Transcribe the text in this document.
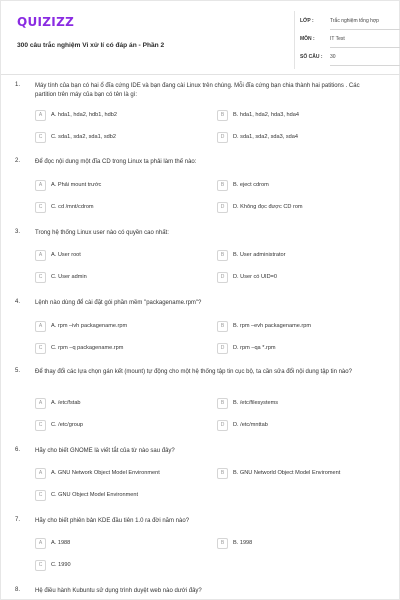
QUIZIZZ
300 câu trắc nghiệm Vi xử lí có đáp án - Phần 2
LỚP :	Trắc nghiệm tổng hợp
MÔN :	IT Test
SỐ CÂU :	30
1. Máy tính của bạn có hai ổ đĩa cứng IDE và bạn đang cài Linux trên chúng. Mỗi đĩa cứng bạn chia thành hai patitions . Các partition trên máy của bạn có tên là gì:
A	A. hda1, hda2, hdb1, hdb2	B	B. hda1, hda2, hda3, hda4
C	C. sda1, sda2, sda1, sdb2	D	D. sda1, sda2, sda3, sda4
2. Để đọc nội dung một đĩa CD trong Linux ta phải làm thế nào:
A	A. Phải mount trước	B	B. eject cdrom
C	C. cd /mnt/cdrom	D	D. Không đọc được CD rom
3. Trong hệ thống Linux user nào có quyền cao nhất:
A	A. User root	B	B. User administrator
C	C. User admin	D	D. User có UID=0
4. Lệnh nào dùng để cài đặt gói phần mềm "packagename.rpm"?
A	A. rpm –ivh packagename.rpm	B	B. rpm –evh packagename.rpm
C	C. rpm –q packagename.rpm	D	D. rpm –qa *.rpm
5. Để thay đổi các lựa chọn gán kết (mount) tự động cho một hệ thống tập tin cục bộ, ta cần sửa đổi nội dung tập tin nào?
A	A. /etc/fstab	B	B. /etc/filesystems
C	C. /etc/group	D	D. /etc/mnttab
6. Hãy cho biết GNOME là viết tắt của từ nào sau đây?
A	A. GNU Network Object Model Environment	B	B. GNU Networld Object Model Enviroment
C	C. GNU Object Model Environment
7. Hãy cho biết phiên bản KDE đầu tiên 1.0 ra đời năm nào?
A	A. 1988	B	B. 1998
C	C. 1990
8. Hệ điều hành Kubuntu sử dụng trình duyệt web nào dưới đây?
